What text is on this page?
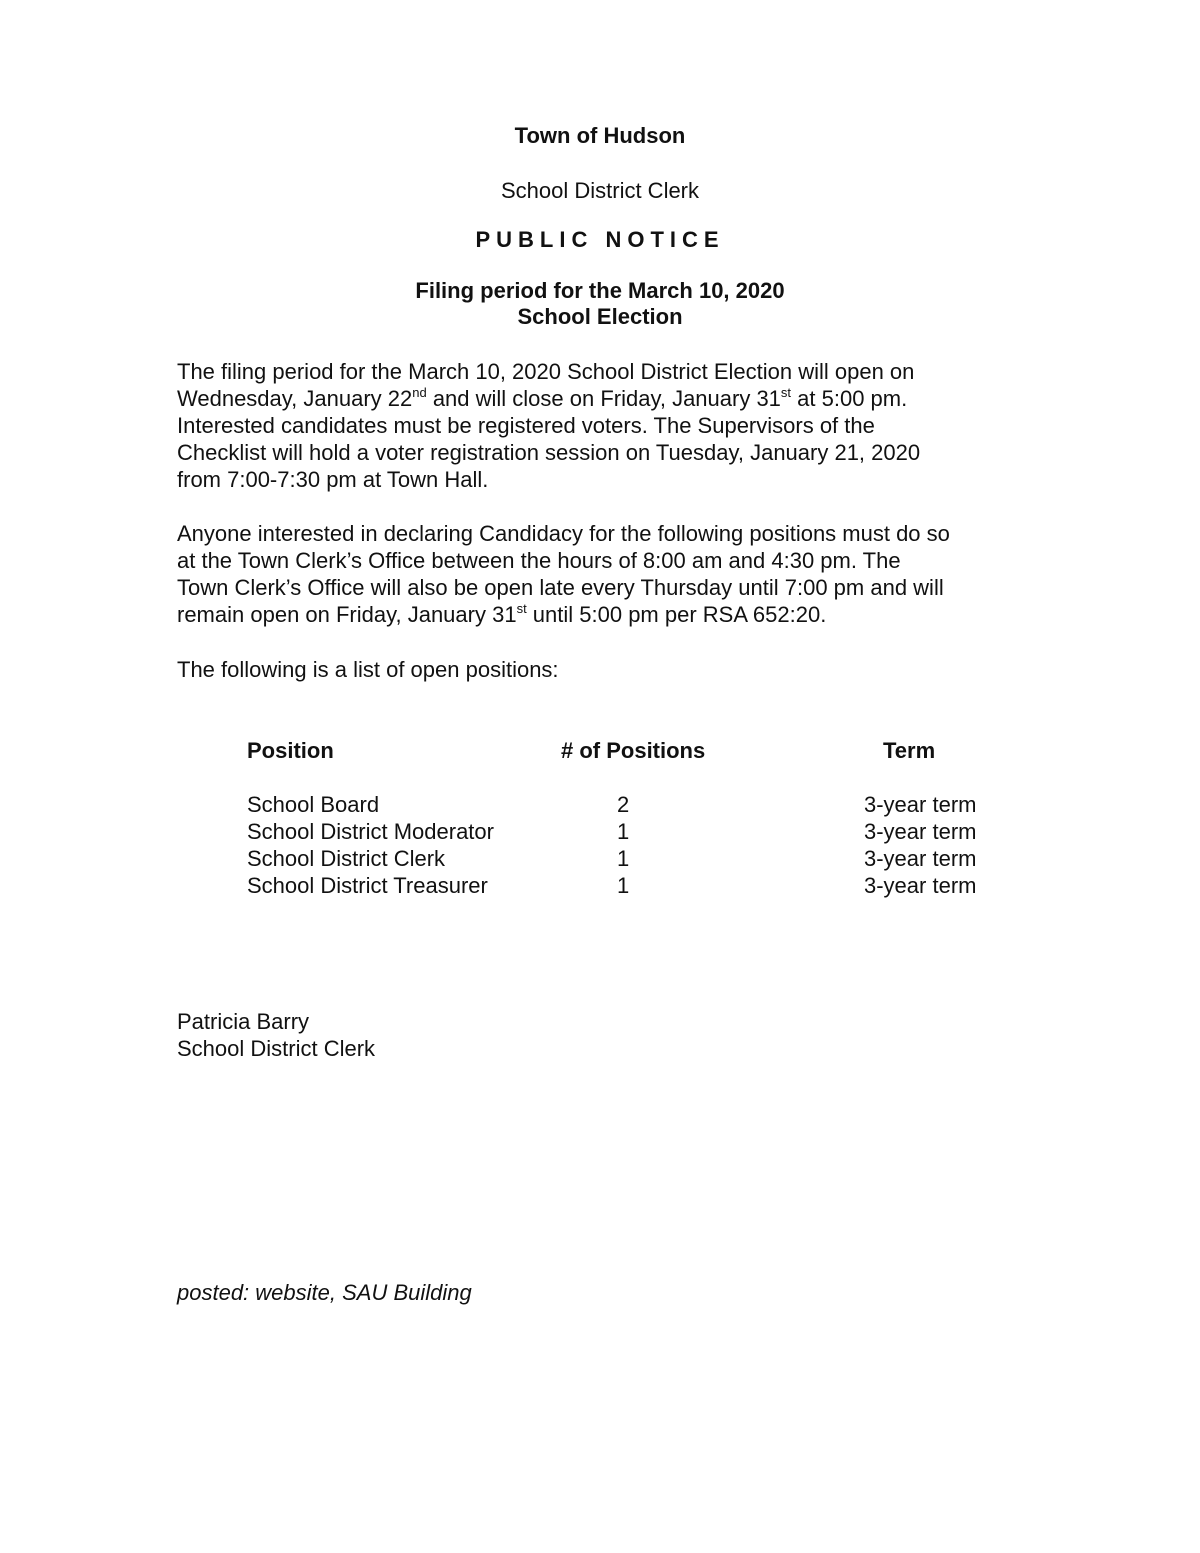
Town of Hudson
School District Clerk
PUBLIC NOTICE
Filing period for the March 10, 2020
School Election
The filing period for the March 10, 2020 School District Election will open on
Wednesday, January 22nd and will close on Friday, January 31st at 5:00 pm.
Interested candidates must be registered voters. The Supervisors of the
Checklist will hold a voter registration session on Tuesday, January 21, 2020
from 7:00-7:30 pm at Town Hall.
Anyone interested in declaring Candidacy for the following positions must do so
at the Town Clerk’s Office between the hours of 8:00 am and 4:30 pm. The
Town Clerk’s Office will also be open late every Thursday until 7:00 pm and will
remain open on Friday, January 31st until 5:00 pm per RSA 652:20.
The following is a list of open positions:
Position	# of Positions	Term
School Board	2	3-year term
School District Moderator	1	3-year term
School District Clerk	1	3-year term
School District Treasurer	1	3-year term
Patricia Barry
School District Clerk
posted: website, SAU Building
